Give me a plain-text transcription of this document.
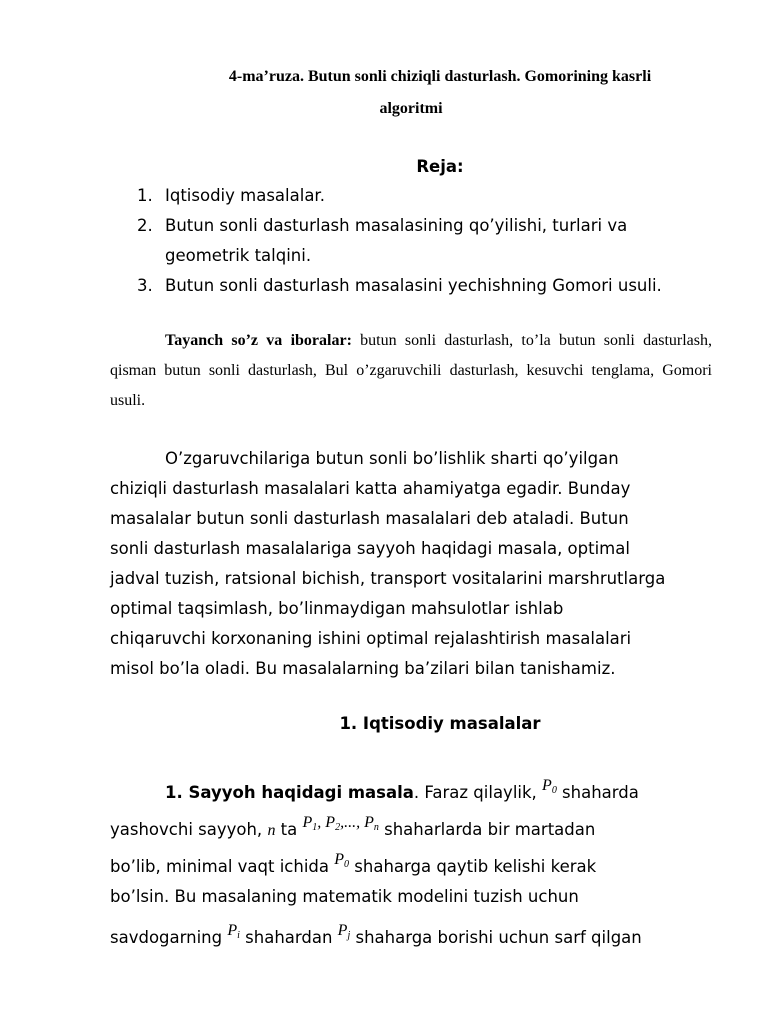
4-ma’ruza. Butun sonli chiziqli dasturlash. Gomorining kasrli
algoritmi
Reja:
1. Iqtisodiy masalalar.
2. Butun sonli dasturlash masalasining qo’yilishi, turlari va
geometrik talqini.
3. Butun sonli dasturlash masalasini yechishning Gomori usuli.

Tayanch so’z va iboralar: butun sonli dasturlash, to’la butun sonli dasturlash, qisman butun sonli dasturlash, Bul o’zgaruvchili dasturlash, kesuvchi tenglama, Gomori usuli.

O’zgaruvchilariga butun sonli bo’lishlik sharti qo’yilgan
chiziqli dasturlash masalalari katta ahamiyatga egadir. Bunday
masalalar butun sonli dasturlash masalalari deb ataladi. Butun
sonli dasturlash masalalariga sayyoh haqidagi masala, optimal
jadval tuzish, ratsional bichish, transport vositalarini marshrutlarga
optimal taqsimlash, bo’linmaydigan mahsulotlar ishlab
chiqaruvchi korxonaning ishini optimal rejalashtirish masalalari
misol bo’la oladi. Bu masalalarning ba’zilari bilan tanishamiz.
1. Iqtisodiy masalalar
1. Sayyoh haqidagi masala. Faraz qilaylik, $P_0$ shaharda
yashovchi sayyoh, n ta $P_1$, $P_2$,..., $P_n$ shaharlarda bir martadan
bo’lib, minimal vaqt ichida $P_0$ shaharga qaytib kelishi kerak
bo’lsin. Bu masalaning matematik modelini tuzish uchun
savdogarning $P_i$ shahardan $P_j$ shaharga borishi uchun sarf qilgan
